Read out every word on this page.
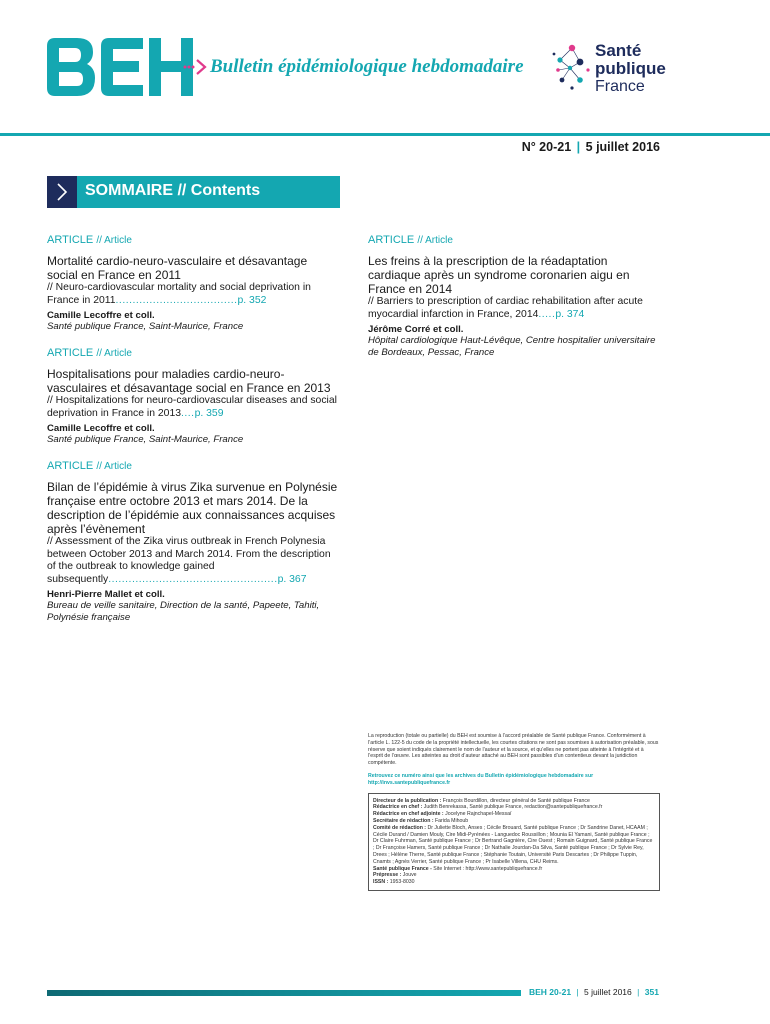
Bulletin épidémiologique hebdomadaire
Santé
publique
France
N° 20-21 | 5 juillet 2016
SOMMAIRE // Contents
ARTICLE // Article
Mortalité cardio-neuro-vasculaire et désavantage social en France en 2011
// Neuro-cardiovascular mortality and social deprivation in France in 2011....................................p. 352
Camille Lecoffre et coll.
Santé publique France, Saint-Maurice, France
ARTICLE // Article
Hospitalisations pour maladies cardio-neuro-vasculaires et désavantage social en France en 2013
// Hospitalizations for neuro-cardiovascular diseases and social deprivation in France in 2013....p. 359
Camille Lecoffre et coll.
Santé publique France, Saint-Maurice, France
ARTICLE // Article
Bilan de l’épidémie à virus Zika survenue en Polynésie française entre octobre 2013 et mars 2014. De la description de l’épidémie aux connaissances acquises après l’évènement
// Assessment of the Zika virus outbreak in French Polynesia between October 2013 and March 2014. From the description of the outbreak to knowledge gained subsequently..................................................p. 367
Henri-Pierre Mallet et coll.
Bureau de veille sanitaire, Direction de la santé, Papeete, Tahiti, Polynésie française
ARTICLE // Article
Les freins à la prescription de la réadaptation cardiaque après un syndrome coronarien aigu en France en 2014
// Barriers to prescription of cardiac rehabilitation after acute myocardial infarction in France, 2014.....p. 374
Jérôme Corré et coll.
Hôpital cardiologique Haut-Lévêque, Centre hospitalier universitaire de Bordeaux, Pessac, France

La reproduction (totale ou partielle) du BEH est soumise à l’accord préalable de Santé publique France. Conformément à l’article L. 122-5 du code de la propriété intellectuelle, les courtes citations ne sont pas soumises à autorisation préalable, sous réserve que soient indiqués clairement le nom de l’auteur et la source, et qu’elles ne portent pas atteinte à l’intégrité et à l’esprit de l’œuvre. Les atteintes au droit d’auteur attaché au BEH sont passibles d’un contentieux devant la juridiction compétente.

Retrouvez ce numéro ainsi que les archives du Bulletin épidémiologique hebdomadaire sur http://invs.santepubliquefrance.fr
Directeur de la publication : François Bourdillon, directeur général de Santé publique France
Rédactrice en chef : Judith Benrekassa, Santé publique France, redaction@santepubliquefrance.fr
Rédactrice en chef adjointe : Jocelyne Rajnchapel-Messaï
Secrétaire de rédaction : Farida Mihoub
Comité de rédaction : Dr Juliette Bloch, Anses ; Cécile Brouard, Santé publique France ; Dr Sandrine Danet, HCAAM ; Cécile Durand / Damien Mouly, Cire Midi-Pyrénées - Languedoc Roussillon ; Mounia El Yamani, Santé publique France ; Dr Claire Fuhrman, Santé publique France ; Dr Bertrand Gagnière, Cire Ouest ; Romain Guignard, Santé publique France ; Dr Françoise Hamers, Santé publique France ; Dr Nathalie Jourdan-Da Silva, Santé publique France ; Dr Sylvie Rey, Drees ; Hélène Therre, Santé publique France ; Stéphanie Toutain, Université Paris Descartes ; Dr Philippe Tuppin, Cnamts ; Agnès Verrier, Santé publique France ; Pr Isabelle Villena, CHU Reims.
Santé publique France - Site Internet : http://www.santepubliquefrance.fr
Prépresse : Jouve
ISSN : 1953-8030
BEH 20-21 | 5 juillet 2016 | 351
